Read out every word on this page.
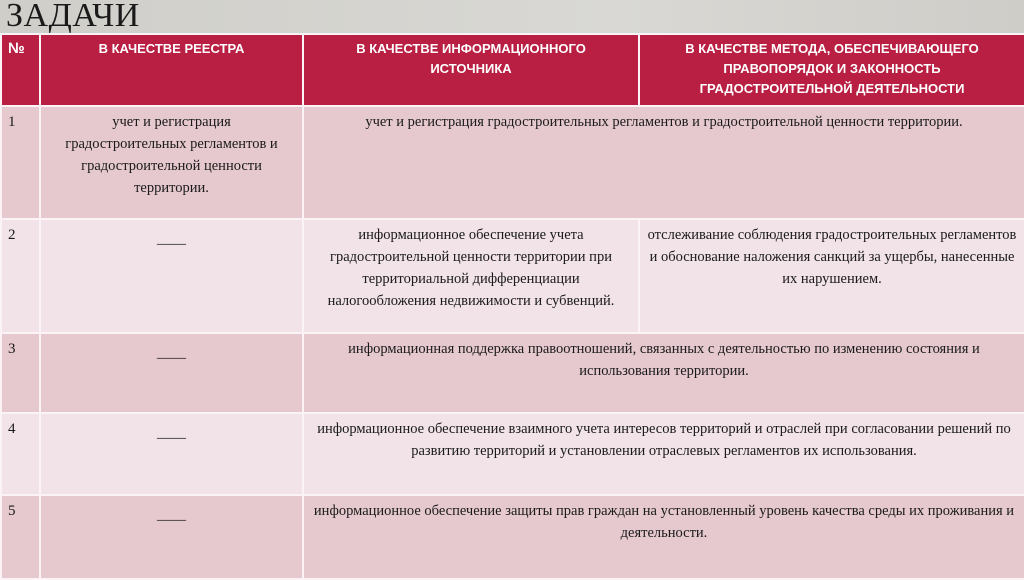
ЗАДАЧИ
№	В КАЧЕСТВЕ РЕЕСТРА	В КАЧЕСТВЕ ИНФОРМАЦИОННОГО ИСТОЧНИКА	В КАЧЕСТВЕ МЕТОДА, ОБЕСПЕЧИВАЮЩЕГО ПРАВОПОРЯДОК И ЗАКОННОСТЬ ГРАДОСТРОИТЕЛЬНОЙ ДЕЯТЕЛЬНОСТИ
1	учет и регистрация градостроительных регламентов и градостроительной ценности территории.	учет и регистрация градостроительных регламентов и градостроительной ценности территории.	
2	____	информационное обеспечение учета градостроительной ценности территории при территориальной дифференциации налогообложения недвижимости и субвенций.	отслеживание соблюдения градостроительных регламентов и обоснование наложения санкций за ущербы, нанесенные их нарушением.
3	____	информационная поддержка правоотношений, связанных с деятельностью по изменению состояния и использования территории.	
4	____	информационное обеспечение взаимного учета интересов территорий и отраслей при согласовании решений по развитию территорий и установлении отраслевых регламентов их использования.	
5	____	информационное обеспечение защиты прав граждан на установленный уровень качества среды их проживания и деятельности.	
